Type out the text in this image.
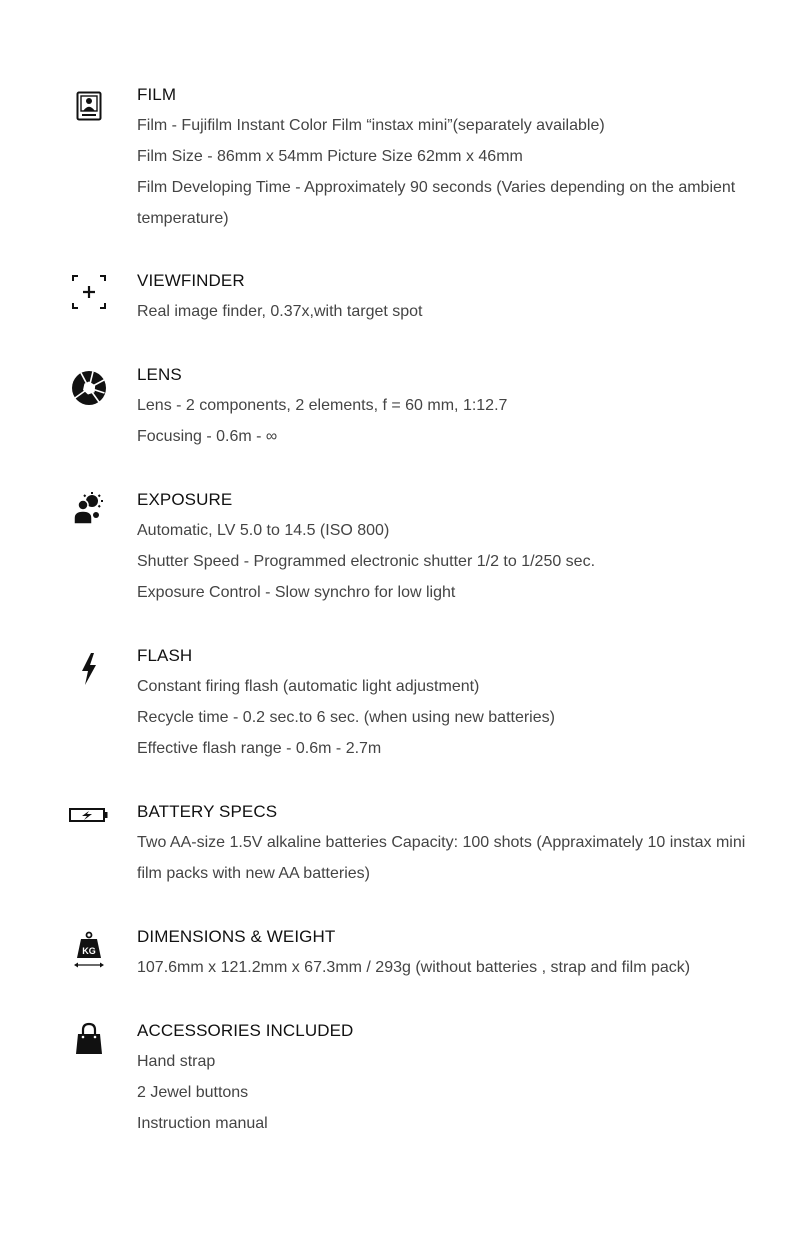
FILM
Film - Fujifilm Instant Color Film “instax mini”(separately available)
Film Size - 86mm x 54mm Picture Size 62mm x 46mm
Film Developing Time - Approximately 90 seconds (Varies depending on the ambient temperature)
VIEWFINDER
Real image finder, 0.37x,with target spot
LENS
Lens - 2 components, 2 elements, f = 60 mm, 1:12.7
Focusing - 0.6m - ∞
EXPOSURE
Automatic, LV 5.0 to 14.5 (ISO 800)
Shutter Speed - Programmed electronic shutter 1/2 to 1/250 sec.
Exposure Control - Slow synchro for low light
FLASH
Constant firing flash (automatic light adjustment)
Recycle time - 0.2 sec.to 6 sec. (when using new batteries)
Effective flash range - 0.6m - 2.7m
BATTERY SPECS
Two AA-size 1.5V alkaline batteries Capacity: 100 shots (Appraximately 10 instax mini film packs with new AA batteries)
KG
DIMENSIONS & WEIGHT
107.6mm x 121.2mm x 67.3mm / 293g (without batteries , strap and film pack)
ACCESSORIES INCLUDED
Hand strap
2 Jewel buttons
Instruction manual
